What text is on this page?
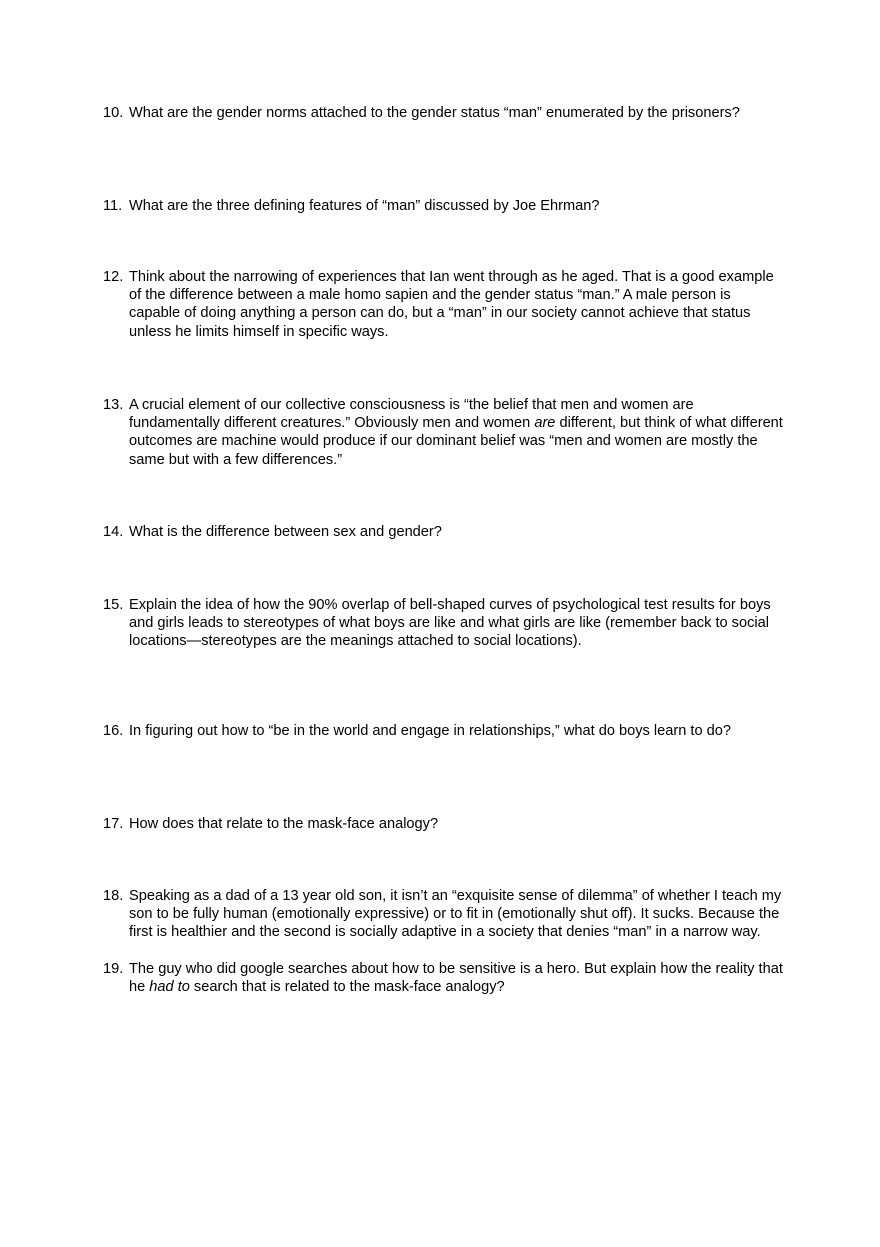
10. What are the gender norms attached to the gender status “man” enumerated by the prisoners?
11. What are the three defining features of “man” discussed by Joe Ehrman?
12. Think about the narrowing of experiences that Ian went through as he aged. That is a good example of the difference between a male homo sapien and the gender status “man.” A male person is capable of doing anything a person can do, but a “man” in our society cannot achieve that status unless he limits himself in specific ways.
13. A crucial element of our collective consciousness is “the belief that men and women are fundamentally different creatures.” Obviously men and women are different, but think of what different outcomes are machine would produce if our dominant belief was “men and women are mostly the same but with a few differences.”
14. What is the difference between sex and gender?
15. Explain the idea of how the 90% overlap of bell-shaped curves of psychological test results for boys and girls leads to stereotypes of what boys are like and what girls are like (remember back to social locations—stereotypes are the meanings attached to social locations).
16. In figuring out how to “be in the world and engage in relationships,” what do boys learn to do?
17. How does that relate to the mask-face analogy?
18. Speaking as a dad of a 13 year old son, it isn’t an “exquisite sense of dilemma” of whether I teach my son to be fully human (emotionally expressive) or to fit in (emotionally shut off). It sucks. Because the first is healthier and the second is socially adaptive in a society that denies “man” in a narrow way.
19. The guy who did google searches about how to be sensitive is a hero. But explain how the reality that he had to search that is related to the mask-face analogy?
